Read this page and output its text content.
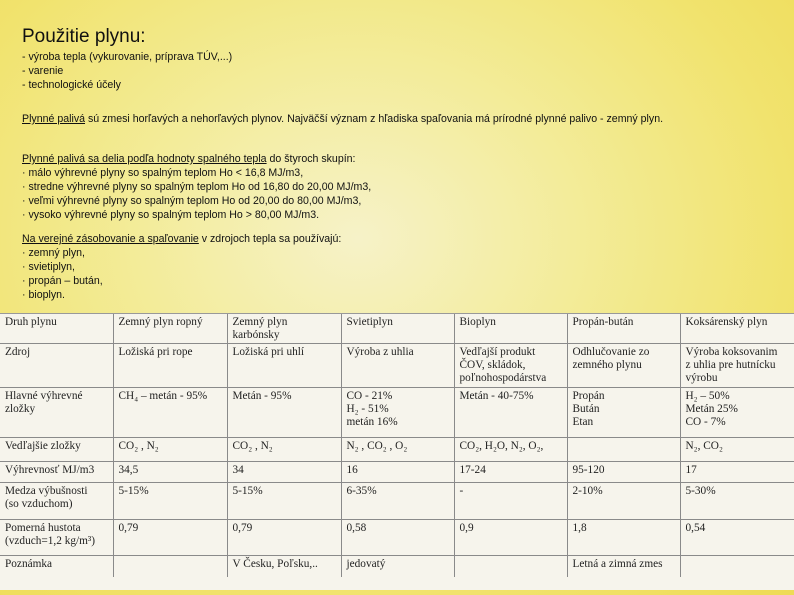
Použitie plynu:
- výroba tepla (vykurovanie, príprava TÚV,...)
- varenie
- technologické účely

Plynné palivá sú zmesi horľavých a nehorľavých plynov. Najväčší význam z hľadiska spaľovania má prírodné plynné palivo - zemný plyn.

Plynné palivá sa delia podľa hodnoty spalného tepla do štyroch skupín:
· málo výhrevné plyny so spalným teplom Ho < 16,8 MJ/m3,
· stredne výhrevné plyny so spalným teplom Ho od 16,80 do 20,00 MJ/m3,
· veľmi výhrevné plyny so spalným teplom Ho od 20,00 do 80,00 MJ/m3,
· vysoko výhrevné plyny so spalným teplom Ho > 80,00 MJ/m3.
Na verejné zásobovanie a spaľovanie v zdrojoch tepla sa používajú:
· zemný plyn,
· svietiplyn,
· propán – bután,
· bioplyn.
Druh plynu	Zemný plyn ropný	Zemný plyn
karbónsky	Svietiplyn	Bioplyn	Propán-bután	Koksárenský plyn
Zdroj	Ložiská pri rope	Ložiská pri uhlí	Výroba z uhlia	Vedľajší produkt
ČOV, skládok,
poľnohospodárstva	Odhlučovanie zo
zemného plynu	Výroba koksovanim
z uhlia pre hutnícku
výrobu
Hlavné výhrevné
zložky	CH₄ – metán - 95%	Metán - 95%	CO - 21%
H₂ - 51%
metán 16%	Metán - 40-75%	Propán
Bután
Etan	H₂ – 50%
Metán 25%
CO - 7%
Vedľajšie zložky	CO₂ , N₂	CO₂ , N₂	N₂ , CO₂ , O₂	CO₂, H₂O, N₂, O₂,		N₂, CO₂
Výhrevnosť MJ/m3	34,5	34	16	17-24	95-120	17
Medza výbušnosti
(so vzduchom)	5-15%	5-15%	6-35%	-	2-10%	5-30%
Pomerná hustota
(vzduch=1,2 kg/m³)	0,79	0,79	0,58	0,9	1,8	0,54
Poznámka		V Česku, Poľsku,..	jedovatý		Letná a zimná zmes	
